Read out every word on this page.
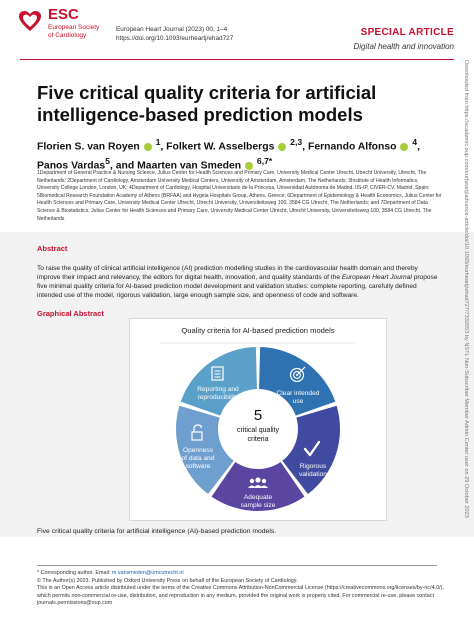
ESC
European Society
of Cardiology
European Heart Journal (2023) 00, 1–4
https://doi.org/10.1093/eurheartj/ehad727
SPECIAL ARTICLE
Digital health and innovation
Five critical quality criteria for artificial
intelligence-based prediction models
Florien S. van Royen $^1$, Folkert W. Asselbergs $^{2,3}$, Fernando Alfonso $^4$,
Panos Vardas$^5$, and Maarten van Smeden $^{6,7*}$
1Department of General Practice & Nursing Science, Julius Center for Health Sciences and Primary Care, University Medical Center Utrecht, Utrecht University, Utrecht, The Netherlands; 2Department of Cardiology, Amsterdam University Medical Centers, University of Amsterdam, Amsterdam, The Netherlands; 3Institute of Health Informatics, University College London, London, UK; 4Department of Cardiology, Hospital Universitario de la Princesa, Universidad Autónoma de Madrid, IIS-IP, CIVER-CV, Madrid, Spain; 5Biomedical Research Foundation Academy of Athens (BRFAA) and Hygeia Hospitals Group, Athens, Greece; 6Department of Epidemiology & Health Economics, Julius Center for Health Sciences and Primary Care, University Medical Center Utrecht, Utrecht University, Universiteitsweg 100, 3584 CG Utrecht, The Netherlands; and 7Department of Data Science & Biostatistics, Julius Center for Health Sciences and Primary Care, University Medical Center Utrecht, Utrecht University, Universiteitsweg 100, 3584 CG Utrecht, The Netherlands
Abstract
To raise the quality of clinical artificial intelligence (AI) prediction modelling studies in the cardiovascular health domain and thereby improve their impact and relevancy, the editors for digital health, innovation, and quality standards of the European Heart Journal propose five minimal quality criteria for AI-based prediction model development and validation studies: complete reporting, carefully defined intended use of the model, rigorous validation, large enough sample size, and openness of code and software.
Graphical Abstract
Quality criteria for AI-based prediction models
5
critical quality
criteria
Reporting and
reproducibility
Clear intended
use
Rigorous
validation
Adequate
sample size
Openness
of data and
software
Five critical quality criteria for artificial intelligence (AI)-based prediction models.
* Corresponding author. Email: m.vansmeden@umcutrecht.nl
© The Author(s) 2023. Published by Oxford University Press on behalf of the European Society of Cardiology.
This is an Open Access article distributed under the terms of the Creative Commons Attribution-NonCommercial License (https://creativecommons.org/licenses/by-nc/4.0/), which permits non-commercial re-use, distribution, and reproduction in any medium, provided the original work is properly cited. For commercial re-use, please contact journals.permissions@oup.com
Downloaded from https://academic.oup.com/eurheartj/advance-article/doi/10.1093/eurheartj/ehad727/7332053 by NSTL Non-Subscriber Member Admin Center user on 29 October 2023
